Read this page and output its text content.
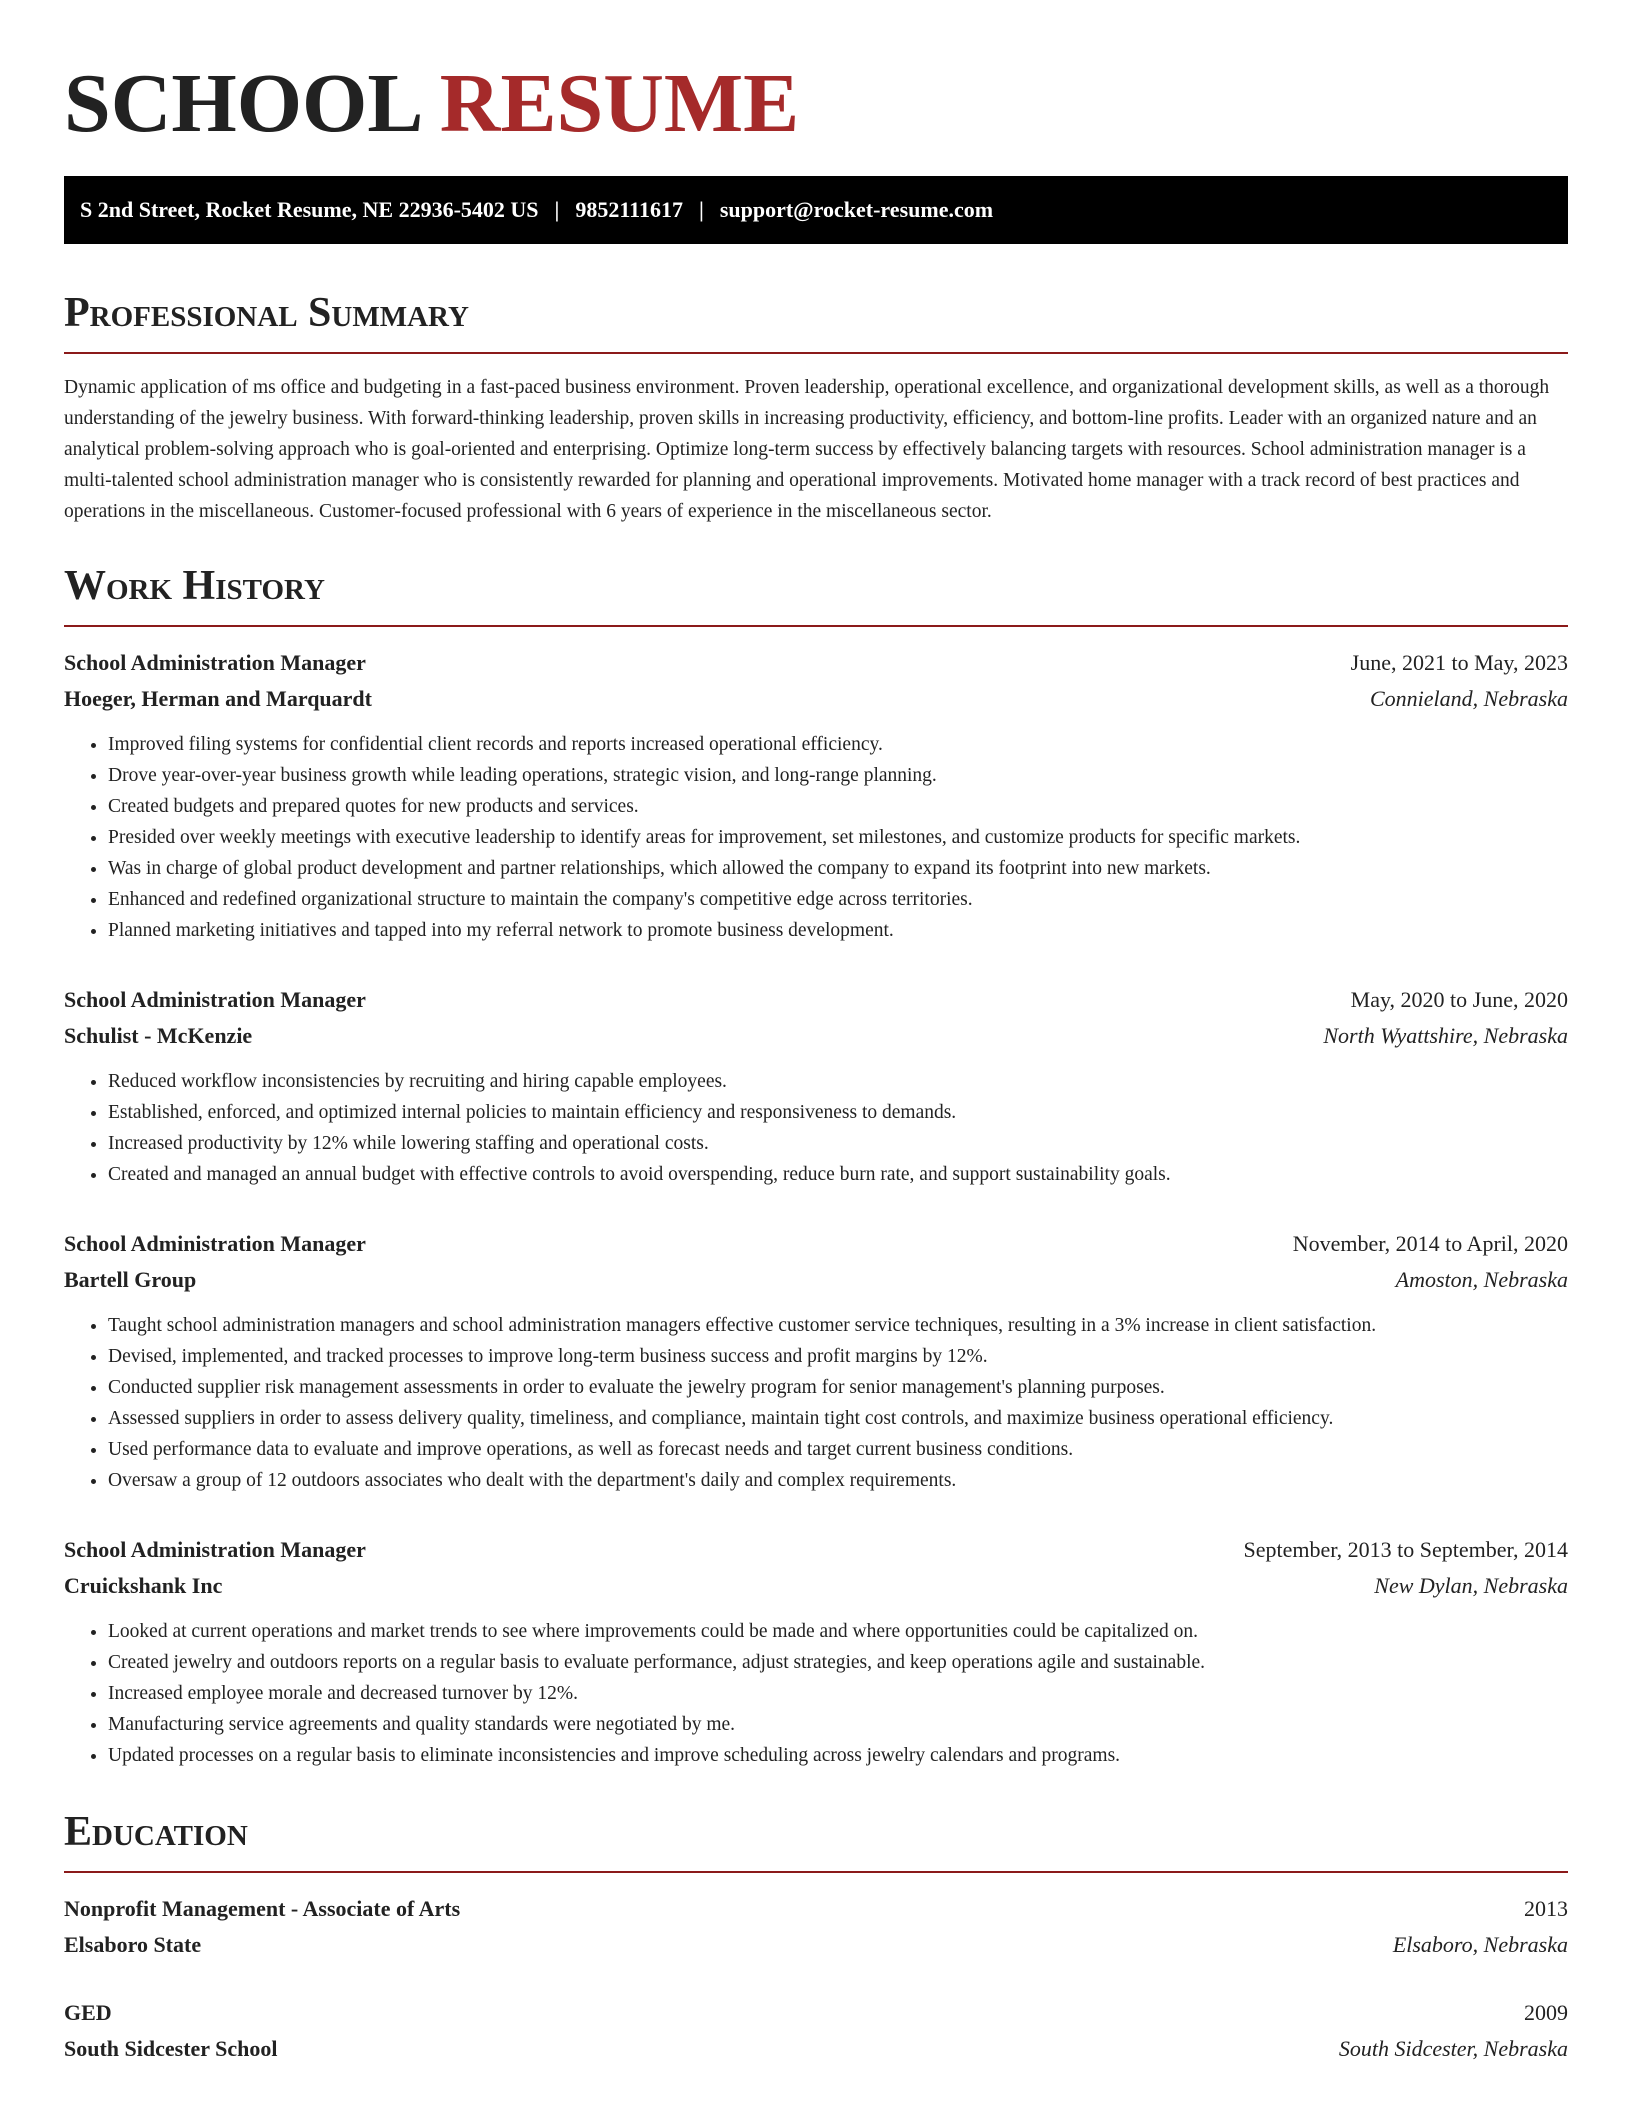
SCHOOL RESUME
S 2nd Street, Rocket Resume, NE 22936-5402 US | 9852111617 | support@rocket-resume.com
Professional Summary

Dynamic application of ms office and budgeting in a fast-paced business environment. Proven leadership, operational excellence, and organizational development skills, as well as a thorough understanding of the jewelry business. With forward-thinking leadership, proven skills in increasing productivity, efficiency, and bottom-line profits. Leader with an organized nature and an analytical problem-solving approach who is goal-oriented and enterprising. Optimize long-term success by effectively balancing targets with resources. School administration manager is a multi-talented school administration manager who is consistently rewarded for planning and operational improvements. Motivated home manager with a track record of best practices and operations in the miscellaneous. Customer-focused professional with 6 years of experience in the miscellaneous sector.

Work History
School Administration Manager	June, 2021 to May, 2023
Hoeger, Herman and Marquardt	Connieland, Nebraska
• Improved filing systems for confidential client records and reports increased operational efficiency.
• Drove year-over-year business growth while leading operations, strategic vision, and long-range planning.
• Created budgets and prepared quotes for new products and services.
• Presided over weekly meetings with executive leadership to identify areas for improvement, set milestones, and customize products for specific markets.
• Was in charge of global product development and partner relationships, which allowed the company to expand its footprint into new markets.
• Enhanced and redefined organizational structure to maintain the company's competitive edge across territories.
• Planned marketing initiatives and tapped into my referral network to promote business development.
School Administration Manager	May, 2020 to June, 2020
Schulist - McKenzie	North Wyattshire, Nebraska
• Reduced workflow inconsistencies by recruiting and hiring capable employees.
• Established, enforced, and optimized internal policies to maintain efficiency and responsiveness to demands.
• Increased productivity by 12% while lowering staffing and operational costs.
• Created and managed an annual budget with effective controls to avoid overspending, reduce burn rate, and support sustainability goals.
School Administration Manager	November, 2014 to April, 2020
Bartell Group	Amoston, Nebraska
• Taught school administration managers and school administration managers effective customer service techniques, resulting in a 3% increase in client satisfaction.
• Devised, implemented, and tracked processes to improve long-term business success and profit margins by 12%.
• Conducted supplier risk management assessments in order to evaluate the jewelry program for senior management's planning purposes.
• Assessed suppliers in order to assess delivery quality, timeliness, and compliance, maintain tight cost controls, and maximize business operational efficiency.
• Used performance data to evaluate and improve operations, as well as forecast needs and target current business conditions.
• Oversaw a group of 12 outdoors associates who dealt with the department's daily and complex requirements.
School Administration Manager	September, 2013 to September, 2014
Cruickshank Inc	New Dylan, Nebraska
• Looked at current operations and market trends to see where improvements could be made and where opportunities could be capitalized on.
• Created jewelry and outdoors reports on a regular basis to evaluate performance, adjust strategies, and keep operations agile and sustainable.
• Increased employee morale and decreased turnover by 12%.
• Manufacturing service agreements and quality standards were negotiated by me.
• Updated processes on a regular basis to eliminate inconsistencies and improve scheduling across jewelry calendars and programs.
Education
Nonprofit Management - Associate of Arts	2013
Elsaboro State	Elsaboro, Nebraska
GED	2009
South Sidcester School	South Sidcester, Nebraska
